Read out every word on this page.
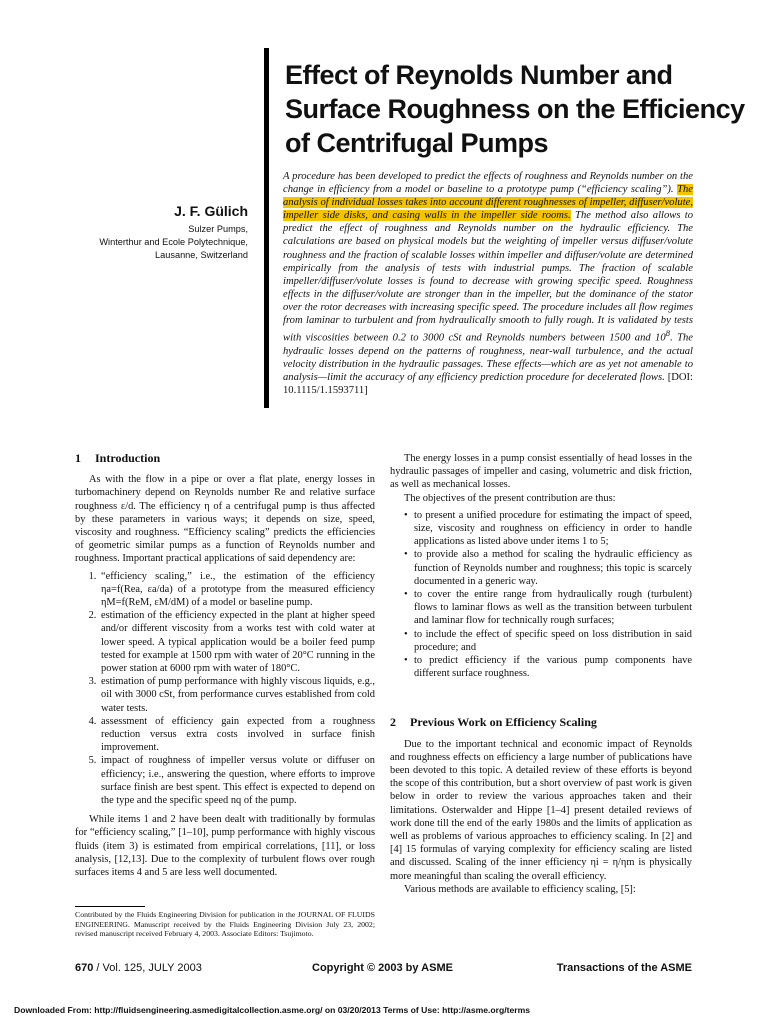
Effect of Reynolds Number and Surface Roughness on the Efficiency of Centrifugal Pumps
J. F. Gülich
Sulzer Pumps,
Winterthur and Ecole Polytechnique,
Lausanne, Switzerland

A procedure has been developed to predict the effects of roughness and Reynolds number on the change in efficiency from a model or baseline to a prototype pump (“efficiency scaling”). The analysis of individual losses takes into account different roughnesses of impeller, diffuser/volute, impeller side disks, and casing walls in the impeller side rooms. The method also allows to predict the effect of roughness and Reynolds number on the hydraulic efficiency. The calculations are based on physical models but the weighting of impeller versus diffuser/volute roughness and the fraction of scalable losses within impeller and diffuser/volute are determined empirically from the analysis of tests with industrial pumps. The fraction of scalable impeller/diffuser/volute losses is found to decrease with growing specific speed. Roughness effects in the diffuser/volute are stronger than in the impeller, but the dominance of the stator over the rotor decreases with increasing specific speed. The procedure includes all flow regimes from laminar to turbulent and from hydraulically smooth to fully rough. It is validated by tests with viscosities between 0.2 to 3000 cSt and Reynolds numbers between 1500 and $10^8$. The hydraulic losses depend on the patterns of roughness, near-wall turbulence, and the actual velocity distribution in the hydraulic passages. These effects—which are as yet not amenable to analysis—limit the accuracy of any efficiency prediction procedure for decelerated flows. [DOI: 10.1115/1.1593711]

1 Introduction

As with the flow in a pipe or over a flat plate, energy losses in turbomachinery depend on Reynolds number Re and relative surface roughness ε/d. The efficiency η of a centrifugal pump is thus affected by these parameters in various ways; it depends on size, speed, viscosity and roughness. “Efficiency scaling” predicts the efficiencies of geometric similar pumps as a function of Reynolds number and roughness. Important practical applications of said dependency are:

1. “efficiency scaling,” i.e., the estimation of the efficiency ηa=f(Rea, εa/da) of a prototype from the measured efficiency ηM=f(ReM, εM/dM) of a model or baseline pump.
2. estimation of the efficiency expected in the plant at higher speed and/or different viscosity from a works test with cold water at lower speed. A typical application would be a boiler feed pump tested for example at 1500 rpm with water of 20°C running in the power station at 6000 rpm with water of 180°C.
3. estimation of pump performance with highly viscous liquids, e.g., oil with 3000 cSt, from performance curves established from cold water tests.
4. assessment of efficiency gain expected from a roughness reduction versus extra costs involved in surface finish improvement.
5. impact of roughness of impeller versus volute or diffuser on efficiency; i.e., answering the question, where efforts to improve surface finish are best spent. This effect is expected to depend on the type and the specific speed nq of the pump.

While items 1 and 2 have been dealt with traditionally by formulas for “efficiency scaling,” [1–10], pump performance with highly viscous fluids (item 3) is estimated from empirical correlations, [11], or loss analysis, [12,13]. Due to the complexity of turbulent flows over rough surfaces items 4 and 5 are less well documented.

The energy losses in a pump consist essentially of head losses in the hydraulic passages of impeller and casing, volumetric and disk friction, as well as mechanical losses.

The objectives of the present contribution are thus:

• to present a unified procedure for estimating the impact of speed, size, viscosity and roughness on efficiency in order to handle applications as listed above under items 1 to 5;
• to provide also a method for scaling the hydraulic efficiency as function of Reynolds number and roughness; this topic is scarcely documented in a generic way.
• to cover the entire range from hydraulically rough (turbulent) flows to laminar flows as well as the transition between turbulent and laminar flow for technically rough surfaces;
• to include the effect of specific speed on loss distribution in said procedure; and
• to predict efficiency if the various pump components have different surface roughness.
2 Previous Work on Efficiency Scaling

Due to the important technical and economic impact of Reynolds and roughness effects on efficiency a large number of publications have been devoted to this topic. A detailed review of these efforts is beyond the scope of this contribution, but a short overview of past work is given below in order to review the various approaches taken and their limitations. Osterwalder and Hippe [1–4] present detailed reviews of work done till the end of the early 1980s and the limits of application as well as problems of various approaches to efficiency scaling. In [2] and [4] 15 formulas of varying complexity for efficiency scaling are listed and discussed. Scaling of the inner efficiency ηi = η/ηm is physically more meaningful than scaling the overall efficiency.

Various methods are available to efficiency scaling, [5]:

Contributed by the Fluids Engineering Division for publication in the JOURNAL OF FLUIDS ENGINEERING. Manuscript received by the Fluids Engineering Division July 23, 2002; revised manuscript received February 4, 2003. Associate Editors: Tsujimoto.

670 / Vol. 125, JULY 2003	Copyright © 2003 by ASME	Transactions of the ASME
Downloaded From: http://fluidsengineering.asmedigitalcollection.asme.org/ on 03/20/2013 Terms of Use: http://asme.org/terms
